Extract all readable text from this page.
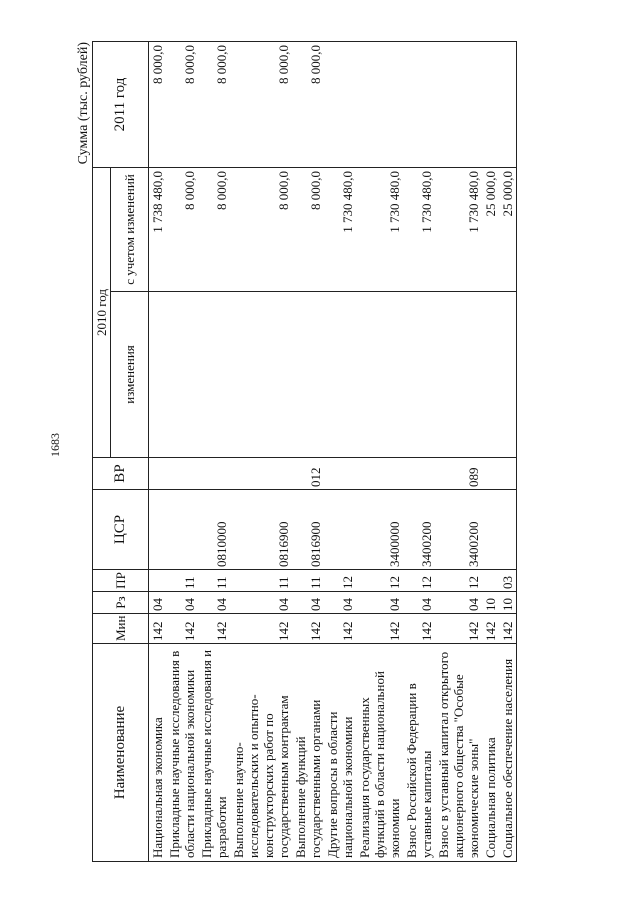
1683
Сумма (тыс. рублей)
Наименование	Мин	Рз	ПР	ЦСР	ВР	2010 год		2011 год
						изменения	с учетом изменений	
Национальная экономика	142	04					1 738 480,0	8 000,0
Прикладные научные исследования в области национальной экономики	142	04	11				8 000,0	8 000,0
Прикладные научные исследования и разработки	142	04	11	0810000			8 000,0	8 000,0
Выполнение научно-исследовательских и опытно-конструкторских работ по государственным контрактам	142	04	11	0816900			8 000,0	8 000,0
Выполнение функций государственными органами	142	04	11	0816900	012		8 000,0	8 000,0
Другие вопросы в области национальной экономики	142	04	12				1 730 480,0	
Реализация государственных функций в области национальной экономики	142	04	12	3400000			1 730 480,0	
Взнос Российской Федерации в уставные капиталы	142	04	12	3400200			1 730 480,0	
Взнос в уставный капитал открытого акционерного общества "Особые экономические зоны"	142	04	12	3400200	089		1 730 480,0	
Социальная политика	142	10					25 000,0	
Социальное обеспечение населения	142	10	03				25 000,0	
